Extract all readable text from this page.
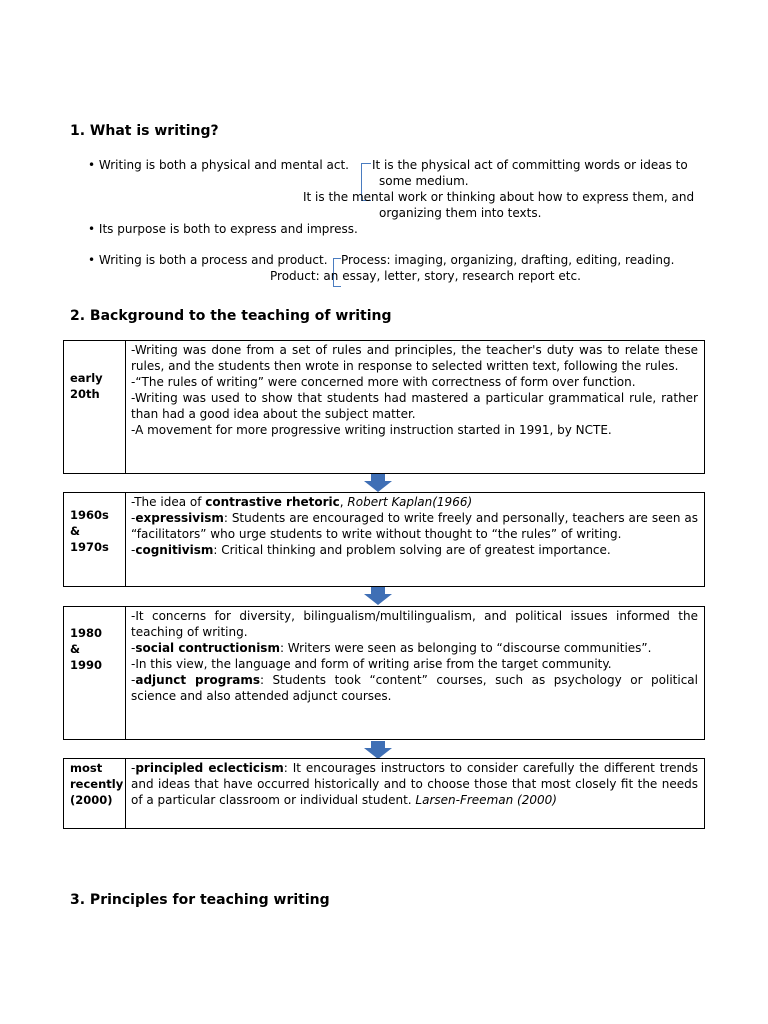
1. What is writing?
• Writing is both a physical and mental act. It is the physical act of committing words or ideas to
some medium.
It is the mental work or thinking about how to express them, and
organizing them into texts.
• Its purpose is both to express and impress.
• Writing is both a process and product. Process: imaging, organizing, drafting, editing, reading.
Product: an essay, letter, story, research report etc.
2. Background to the teaching of writing
early 20th

-Writing was done from a set of rules and principles, the teacher's duty was to relate these rules, and the students then wrote in response to selected written text, following the rules.

-“The rules of writing” were concerned more with correctness of form over function.

-Writing was used to show that students had mastered a particular grammatical rule, rather than had a good idea about the subject matter.

-A movement for more progressive writing instruction started in 1991, by NCTE.

1960s & 1970s

-The idea of contrastive rhetoric, Robert Kaplan(1966)

-expressivism: Students are encouraged to write freely and personally, teachers are seen as “facilitators” who urge students to write without thought to “the rules” of writing.

-cognitivism: Critical thinking and problem solving are of greatest importance.

1980 & 1990

-It concerns for diversity, bilingualism/multilingualism, and political issues informed the teaching of writing.

-social contructionism: Writers were seen as belonging to “discourse communities”.

-In this view, the language and form of writing arise from the target community.

-adjunct programs: Students took “content” courses, such as psychology or political science and also attended adjunct courses.

most recently (2000)

-principled eclecticism: It encourages instructors to consider carefully the different trends and ideas that have occurred historically and to choose those that most closely fit the needs of a particular classroom or individual student. Larsen-Freeman (2000)

3. Principles for teaching writing
